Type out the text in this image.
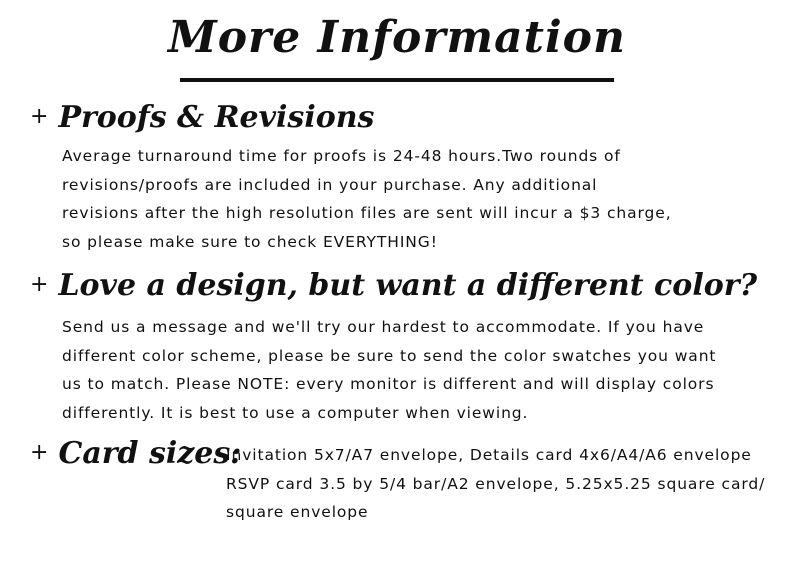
More Information
+ Proofs & Revisions
Average turnaround time for proofs is 24-48 hours.Two rounds of
revisions/proofs are included in your purchase. Any additional
revisions after the high resolution files are sent will incur a $3 charge,
so please make sure to check EVERYTHING!
+ Love a design, but want a different color?
Send us a message and we'll try our hardest to accommodate. If you have
different color scheme, please be sure to send the color swatches you want
us to match. Please NOTE: every monitor is different and will display colors
differently. It is best to use a computer when viewing.
+ Card sizes:
Invitation 5x7/A7 envelope, Details card 4x6/A4/A6 envelope
RSVP card 3.5 by 5/4 bar/A2 envelope, 5.25x5.25 square card/
square envelope
